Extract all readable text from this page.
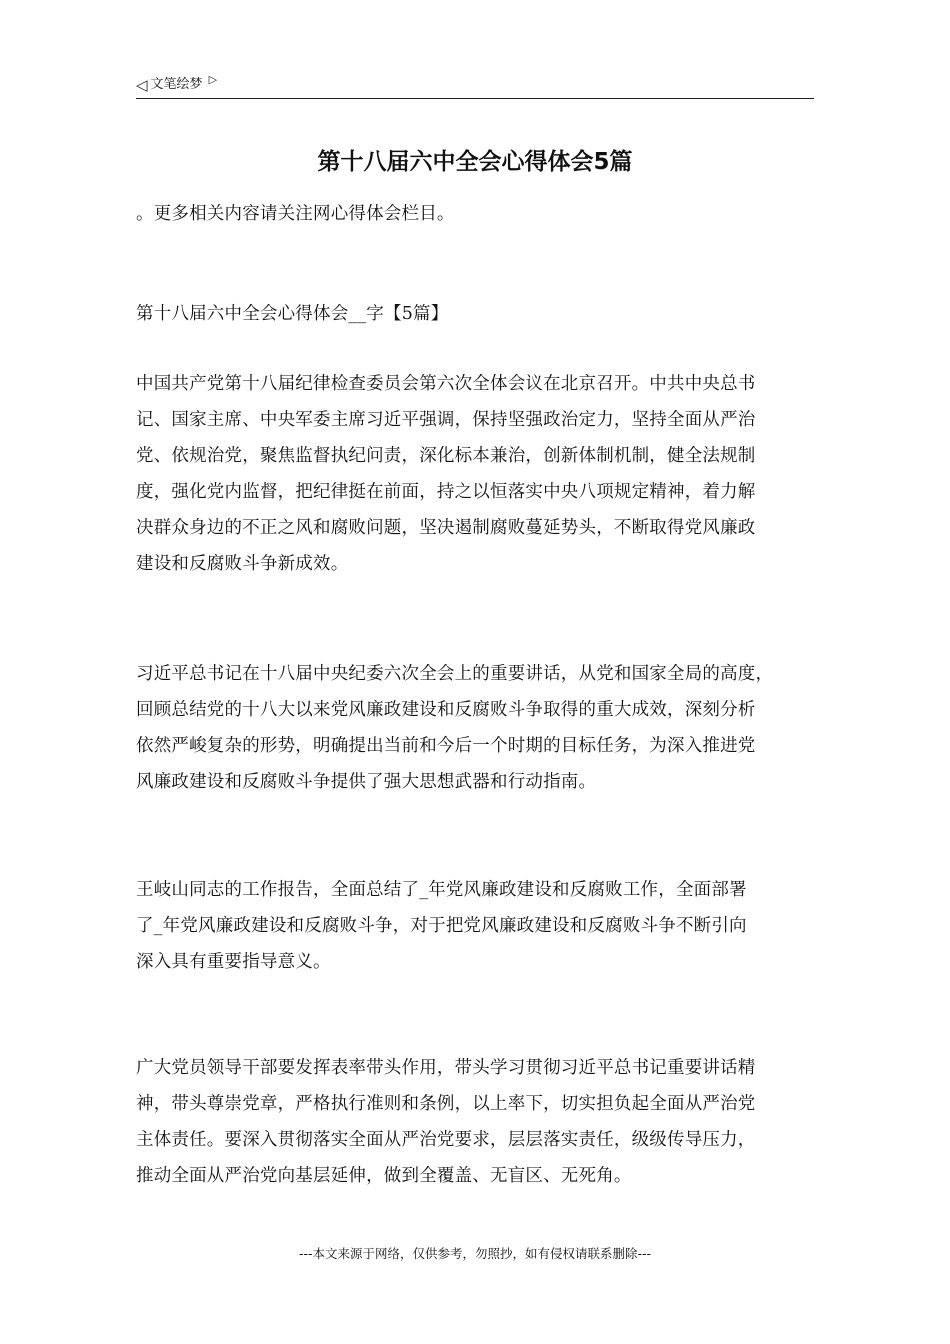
◁ 文笔绘梦 ▷
第十八届六中全会心得体会5篇

。更多相关内容请关注网心得体会栏目。

第十八届六中全会心得体会__字【5篇】

中国共产党第十八届纪律检查委员会第六次全体会议在北京召开。中共中央总书
记、国家主席、中央军委主席习近平强调，保持坚强政治定力，坚持全面从严治
党、依规治党，聚焦监督执纪问责，深化标本兼治，创新体制机制，健全法规制
度，强化党内监督，把纪律挺在前面，持之以恒落实中央八项规定精神，着力解
决群众身边的不正之风和腐败问题，坚决遏制腐败蔓延势头，不断取得党风廉政
建设和反腐败斗争新成效。

习近平总书记在十八届中央纪委六次全会上的重要讲话，从党和国家全局的高度，
回顾总结党的十八大以来党风廉政建设和反腐败斗争取得的重大成效，深刻分析
依然严峻复杂的形势，明确提出当前和今后一个时期的目标任务，为深入推进党
风廉政建设和反腐败斗争提供了强大思想武器和行动指南。

王岐山同志的工作报告，全面总结了_年党风廉政建设和反腐败工作，全面部署
了_年党风廉政建设和反腐败斗争，对于把党风廉政建设和反腐败斗争不断引向
深入具有重要指导意义。

广大党员领导干部要发挥表率带头作用，带头学习贯彻习近平总书记重要讲话精
神，带头尊崇党章，严格执行准则和条例，以上率下，切实担负起全面从严治党
主体责任。要深入贯彻落实全面从严治党要求，层层落实责任，级级传导压力，
推动全面从严治党向基层延伸，做到全覆盖、无盲区、无死角。

---本文来源于网络，仅供参考，勿照抄，如有侵权请联系删除---
